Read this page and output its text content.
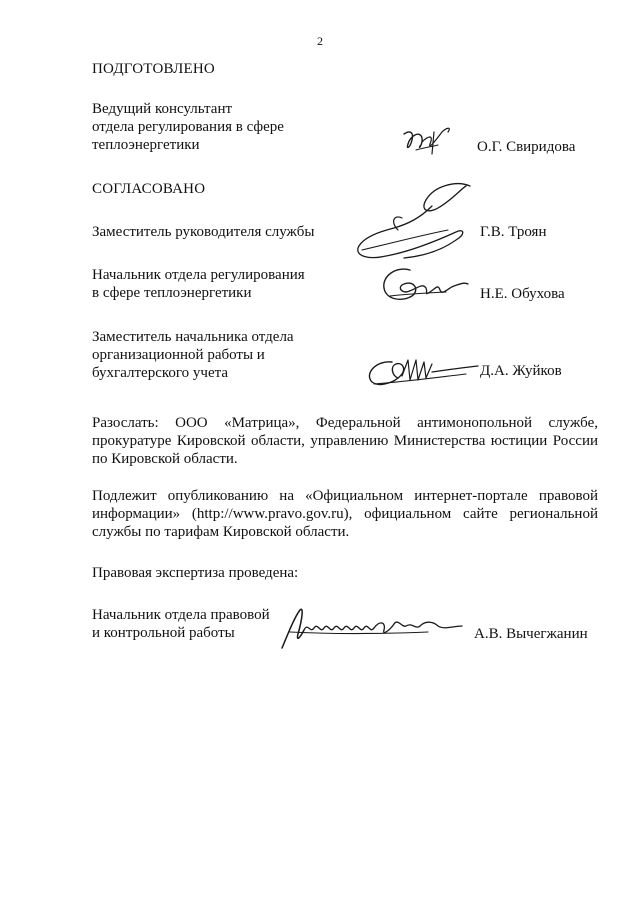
2

ПОДГОТОВЛЕНО

Ведущий консультант
отдела регулирования в сфере
теплоэнергетики	О.Г. Свиридова

СОГЛАСОВАНО

Заместитель руководителя службы	Г.В. Троян

Начальник отдела регулирования
в сфере теплоэнергетики	Н.Е. Обухова

Заместитель начальника отдела
организационной работы и
бухгалтерского учета	Д.А. Жуйков

Разослать: ООО «Матрица», Федеральной антимонопольной службе, прокуратуре Кировской области, управлению Министерства юстиции России по Кировской области.

Подлежит опубликованию на «Официальном интернет-портале правовой информации» (http://www.pravo.gov.ru), официальном сайте региональной службы по тарифам Кировской области.

Правовая экспертиза проведена:

Начальник отдела правовой
и контрольной работы	А.В. Вычегжанин
